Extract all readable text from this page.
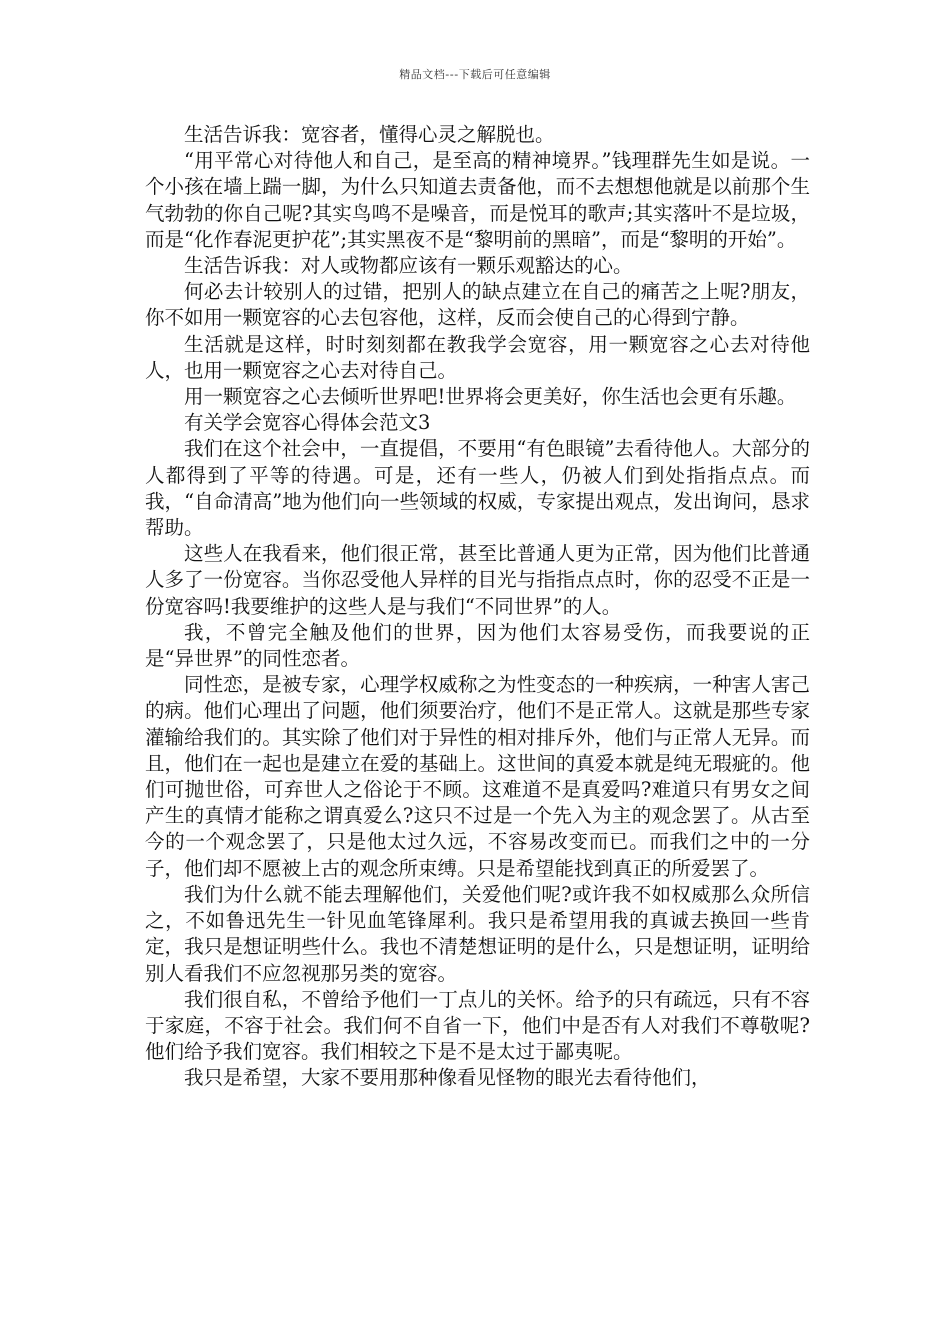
精品文档---下载后可任意编辑

生活告诉我：宽容者，懂得心灵之解脱也。

“用平常心对待他人和自己，是至高的精神境界。”钱理群先生如是说。一个小孩在墙上踹一脚，为什么只知道去责备他，而不去想想他就是以前那个生气勃勃的你自己呢?其实鸟鸣不是噪音，而是悦耳的歌声;其实落叶不是垃圾，而是“化作春泥更护花”;其实黑夜不是“黎明前的黑暗”，而是“黎明的开始”。

生活告诉我：对人或物都应该有一颗乐观豁达的心。

何必去计较别人的过错，把别人的缺点建立在自己的痛苦之上呢?朋友，你不如用一颗宽容的心去包容他，这样，反而会使自己的心得到宁静。

生活就是这样，时时刻刻都在教我学会宽容，用一颗宽容之心去对待他人，也用一颗宽容之心去对待自己。

用一颗宽容之心去倾听世界吧!世界将会更美好，你生活也会更有乐趣。

有关学会宽容心得体会范文3

我们在这个社会中，一直提倡，不要用“有色眼镜”去看待他人。大部分的人都得到了平等的待遇。可是，还有一些人，仍被人们到处指指点点。而我，“自命清高”地为他们向一些领域的权威，专家提出观点，发出询问，恳求帮助。

这些人在我看来，他们很正常，甚至比普通人更为正常，因为他们比普通人多了一份宽容。当你忍受他人异样的目光与指指点点时，你的忍受不正是一份宽容吗!我要维护的这些人是与我们“不同世界”的人。

我，不曾完全触及他们的世界，因为他们太容易受伤，而我要说的正是“异世界”的同性恋者。

同性恋，是被专家，心理学权威称之为性变态的一种疾病，一种害人害己的病。他们心理出了问题，他们须要治疗，他们不是正常人。这就是那些专家灌输给我们的。其实除了他们对于异性的相对排斥外，他们与正常人无异。而且，他们在一起也是建立在爱的基础上。这世间的真爱本就是纯无瑕疵的。他们可抛世俗，可弃世人之俗论于不顾。这难道不是真爱吗?难道只有男女之间产生的真情才能称之谓真爱么?这只不过是一个先入为主的观念罢了。从古至今的一个观念罢了，只是他太过久远，不容易改变而已。而我们之中的一分子，他们却不愿被上古的观念所束缚。只是希望能找到真正的所爱罢了。

我们为什么就不能去理解他们，关爱他们呢?或许我不如权威那么众所信之，不如鲁迅先生一针见血笔锋犀利。我只是希望用我的真诚去换回一些肯定，我只是想证明些什么。我也不清楚想证明的是什么，只是想证明，证明给别人看我们不应忽视那另类的宽容。

我们很自私，不曾给予他们一丁点儿的关怀。给予的只有疏远，只有不容于家庭，不容于社会。我们何不自省一下，他们中是否有人对我们不尊敬呢?他们给予我们宽容。我们相较之下是不是太过于鄙夷呢。

我只是希望，大家不要用那种像看见怪物的眼光去看待他们，
